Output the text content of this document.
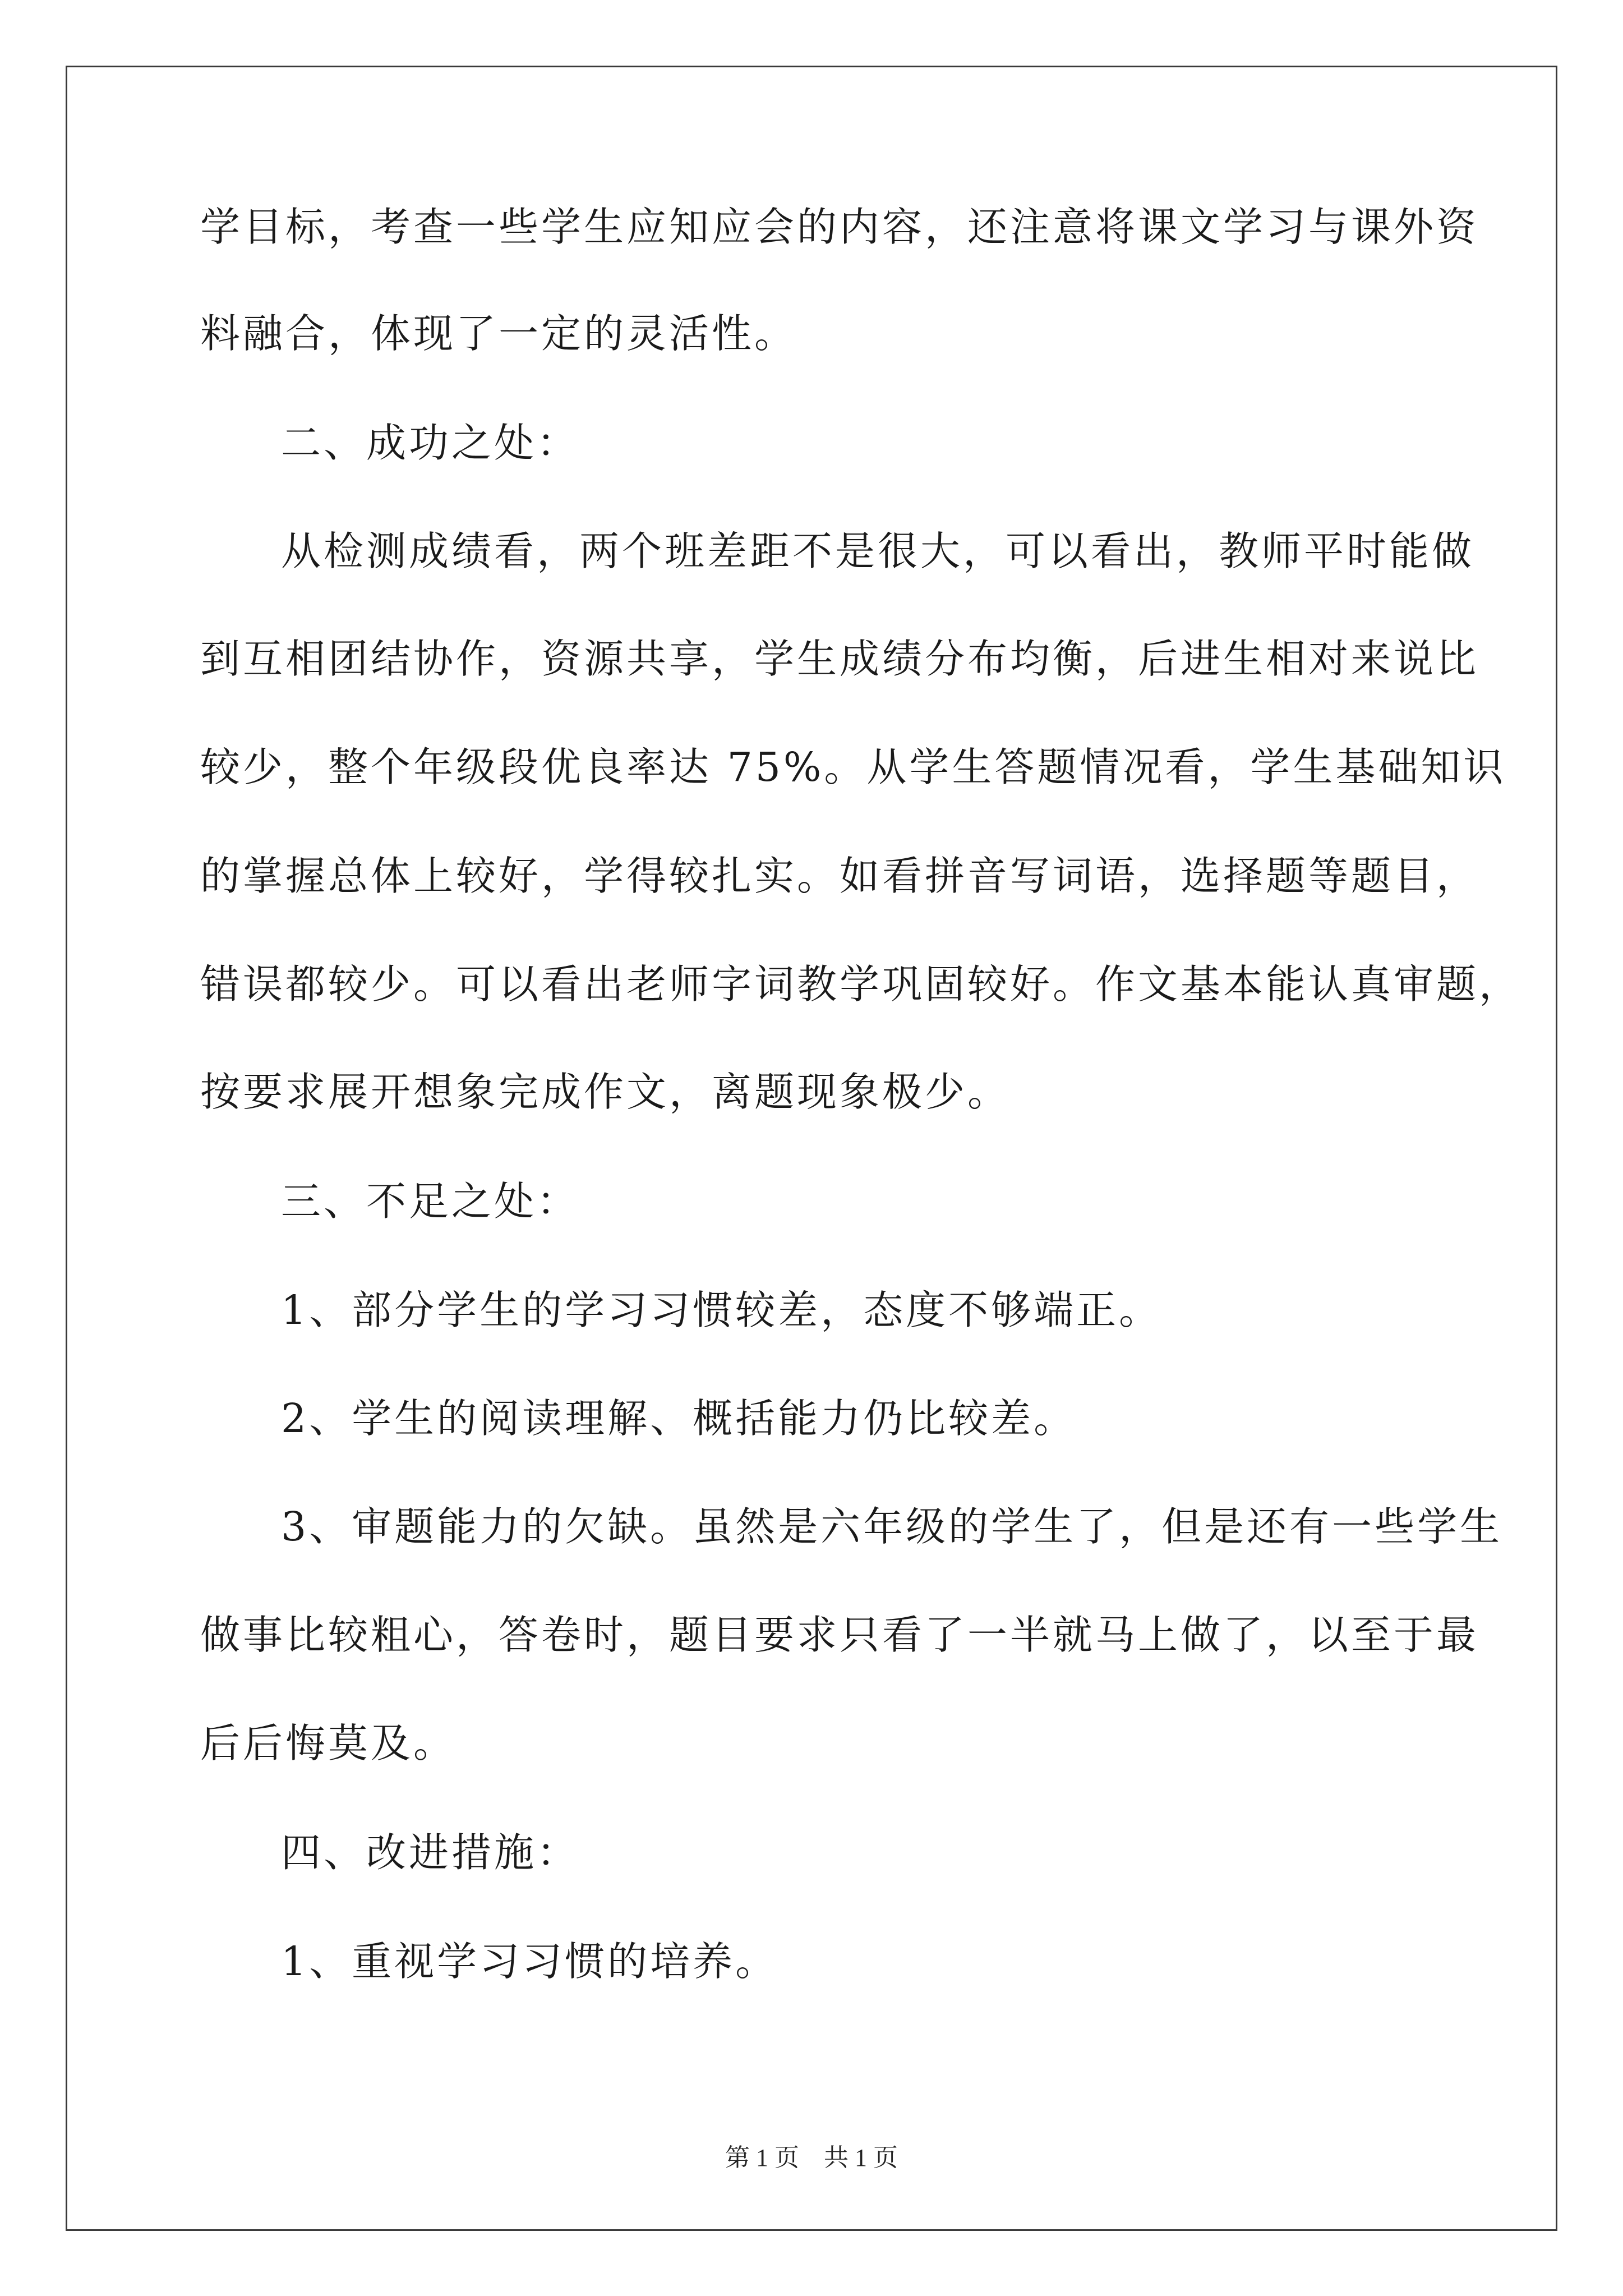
学目标，考查一些学生应知应会的内容，还注意将课文学习与课外资
料融合，体现了一定的灵活性。
二、成功之处：
从检测成绩看，两个班差距不是很大，可以看出，教师平时能做
到互相团结协作，资源共享，学生成绩分布均衡，后进生相对来说比
较少，整个年级段优良率达 75%。从学生答题情况看，学生基础知识
的掌握总体上较好，学得较扎实。如看拼音写词语，选择题等题目，
错误都较少。可以看出老师字词教学巩固较好。作文基本能认真审题，
按要求展开想象完成作文，离题现象极少。
三、不足之处：
1、部分学生的学习习惯较差，态度不够端正。
2、学生的阅读理解、概括能力仍比较差。
3、审题能力的欠缺。虽然是六年级的学生了，但是还有一些学生
做事比较粗心，答卷时，题目要求只看了一半就马上做了，以至于最
后后悔莫及。
四、改进措施：
1、重视学习习惯的培养。
第 1 页    共 1 页
